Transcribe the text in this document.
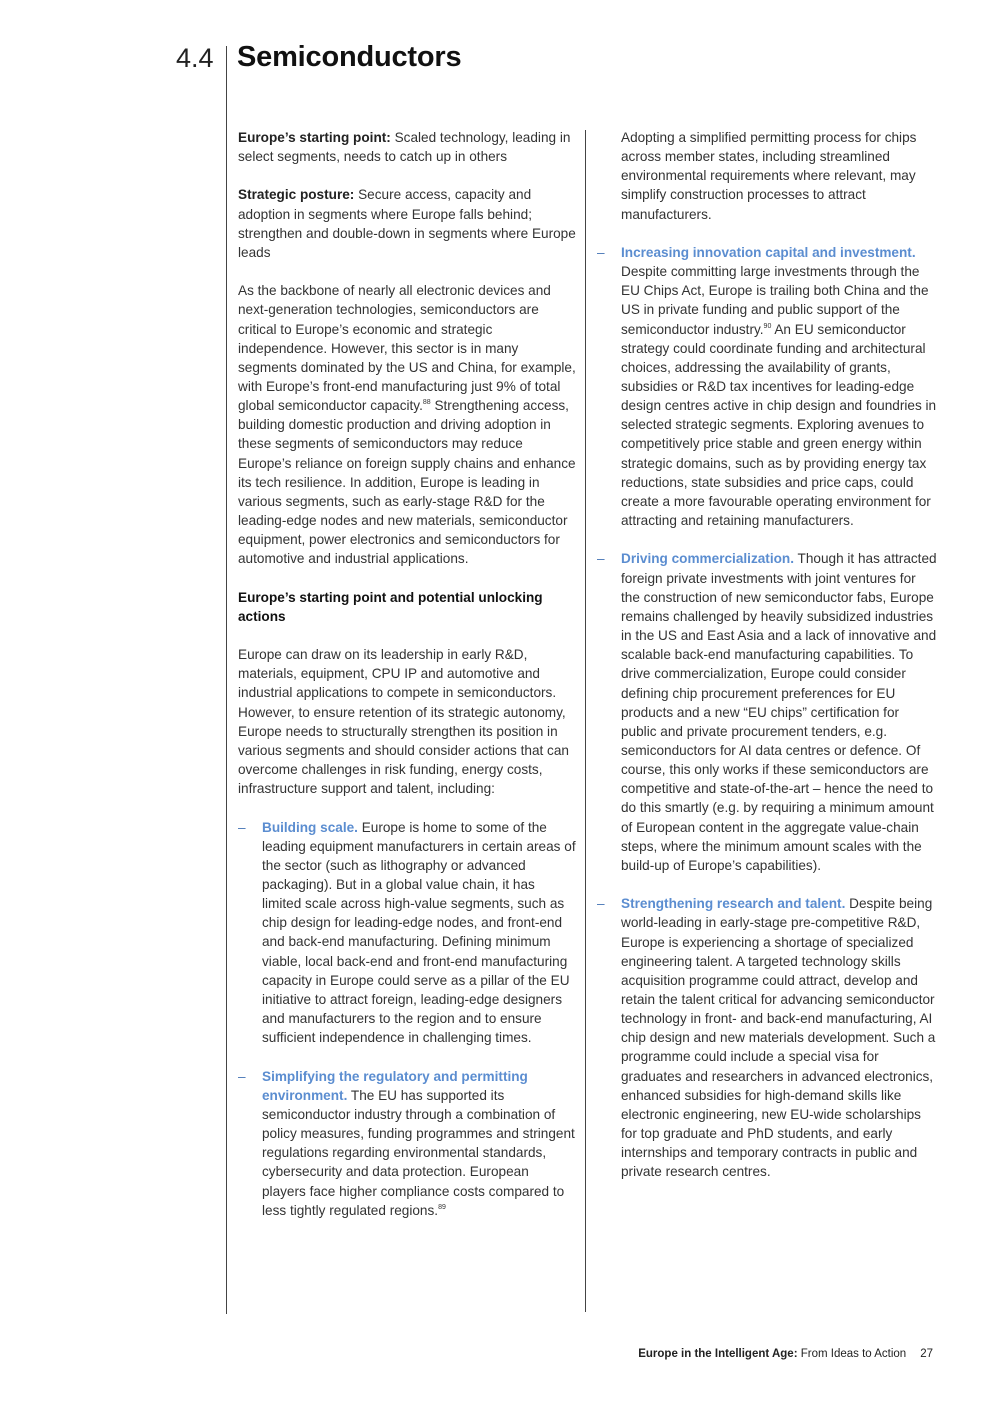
4.4 Semiconductors

Europe’s starting point: Scaled technology, leading in select segments, needs to catch up in others

Strategic posture: Secure access, capacity and adoption in segments where Europe falls behind; strengthen and double-down in segments where Europe leads

As the backbone of nearly all electronic devices and next-generation technologies, semiconductors are critical to Europe’s economic and strategic independence. However, this sector is in many segments dominated by the US and China, for example, with Europe’s front-end manufacturing just 9% of total global semiconductor capacity.$^{88}$ Strengthening access, building domestic production and driving adoption in these segments of semiconductors may reduce Europe’s reliance on foreign supply chains and enhance its tech resilience. In addition, Europe is leading in various segments, such as early-stage R&D for the leading-edge nodes and new materials, semiconductor equipment, power electronics and semiconductors for automotive and industrial applications.

Europe’s starting point and potential unlocking actions

Europe can draw on its leadership in early R&D, materials, equipment, CPU IP and automotive and industrial applications to compete in semiconductors. However, to ensure retention of its strategic autonomy, Europe needs to structurally strengthen its position in various segments and should consider actions that can overcome challenges in risk funding, energy costs, infrastructure support and talent, including:

– Building scale. Europe is home to some of the leading equipment manufacturers in certain areas of the sector (such as lithography or advanced packaging). But in a global value chain, it has limited scale across high-value segments, such as chip design for leading-edge nodes, and front-end and back-end manufacturing. Defining minimum viable, local back-end and front-end manufacturing capacity in Europe could serve as a pillar of the EU initiative to attract foreign, leading-edge designers and manufacturers to the region and to ensure sufficient independence in challenging times.
– Simplifying the regulatory and permitting environment. The EU has supported its semiconductor industry through a combination of policy measures, funding programmes and stringent regulations regarding environmental standards, cybersecurity and data protection. European players face higher compliance costs compared to less tightly regulated regions.$^{89}$

Adopting a simplified permitting process for chips across member states, including streamlined environmental requirements where relevant, may simplify construction processes to attract manufacturers.

– Increasing innovation capital and investment. Despite committing large investments through the EU Chips Act, Europe is trailing both China and the US in private funding and public support of the semiconductor industry.$^{90}$ An EU semiconductor strategy could coordinate funding and architectural choices, addressing the availability of grants, subsidies or R&D tax incentives for leading-edge design centres active in chip design and foundries in selected strategic segments. Exploring avenues to competitively price stable and green energy within strategic domains, such as by providing energy tax reductions, state subsidies and price caps, could create a more favourable operating environment for attracting and retaining manufacturers.
– Driving commercialization. Though it has attracted foreign private investments with joint ventures for the construction of new semiconductor fabs, Europe remains challenged by heavily subsidized industries in the US and East Asia and a lack of innovative and scalable back-end manufacturing capabilities. To drive commercialization, Europe could consider defining chip procurement preferences for EU products and a new “EU chips” certification for public and private procurement tenders, e.g. semiconductors for AI data centres or defence. Of course, this only works if these semiconductors are competitive and state-of-the-art – hence the need to do this smartly (e.g. by requiring a minimum amount of European content in the aggregate value-chain steps, where the minimum amount scales with the build-up of Europe’s capabilities).
– Strengthening research and talent. Despite being world-leading in early-stage pre-competitive R&D, Europe is experiencing a shortage of specialized engineering talent. A targeted technology skills acquisition programme could attract, develop and retain the talent critical for advancing semiconductor technology in front- and back-end manufacturing, AI chip design and new materials development. Such a programme could include a special visa for graduates and researchers in advanced electronics, enhanced subsidies for high-demand skills like electronic engineering, new EU-wide scholarships for top graduate and PhD students, and early internships and temporary contracts in public and private research centres.
Europe in the Intelligent Age: From Ideas to Action 27
